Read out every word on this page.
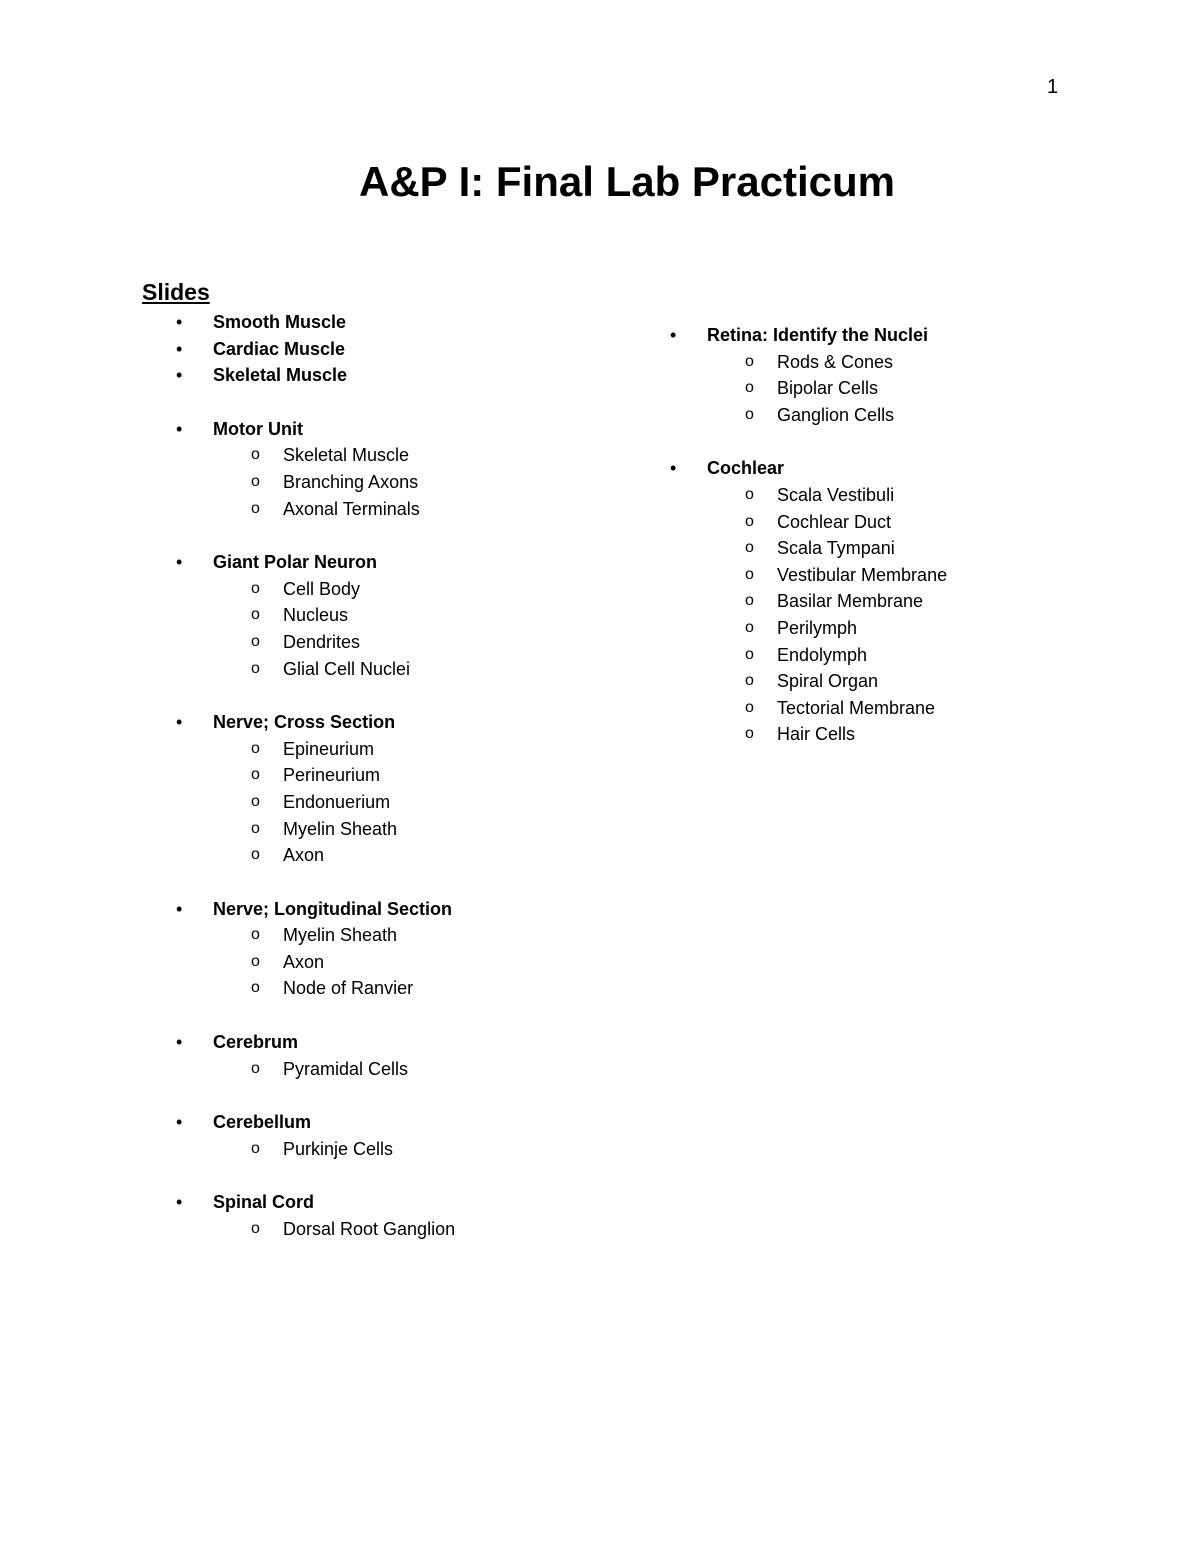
1
A&P I: Final Lab Practicum
Slides
• Smooth Muscle
• Cardiac Muscle
• Skeletal Muscle
• Motor Unit
o Skeletal Muscle
o Branching Axons
o Axonal Terminals
• Giant Polar Neuron
o Cell Body
o Nucleus
o Dendrites
o Glial Cell Nuclei
• Nerve; Cross Section
o Epineurium
o Perineurium
o Endonuerium
o Myelin Sheath
o Axon
• Nerve; Longitudinal Section
o Myelin Sheath
o Axon
o Node of Ranvier
• Cerebrum
o Pyramidal Cells
• Cerebellum
o Purkinje Cells
• Spinal Cord
o Dorsal Root Ganglion
• Retina: Identify the Nuclei
o Rods & Cones
o Bipolar Cells
o Ganglion Cells
• Cochlear
o Scala Vestibuli
o Cochlear Duct
o Scala Tympani
o Vestibular Membrane
o Basilar Membrane
o Perilymph
o Endolymph
o Spiral Organ
o Tectorial Membrane
o Hair Cells
